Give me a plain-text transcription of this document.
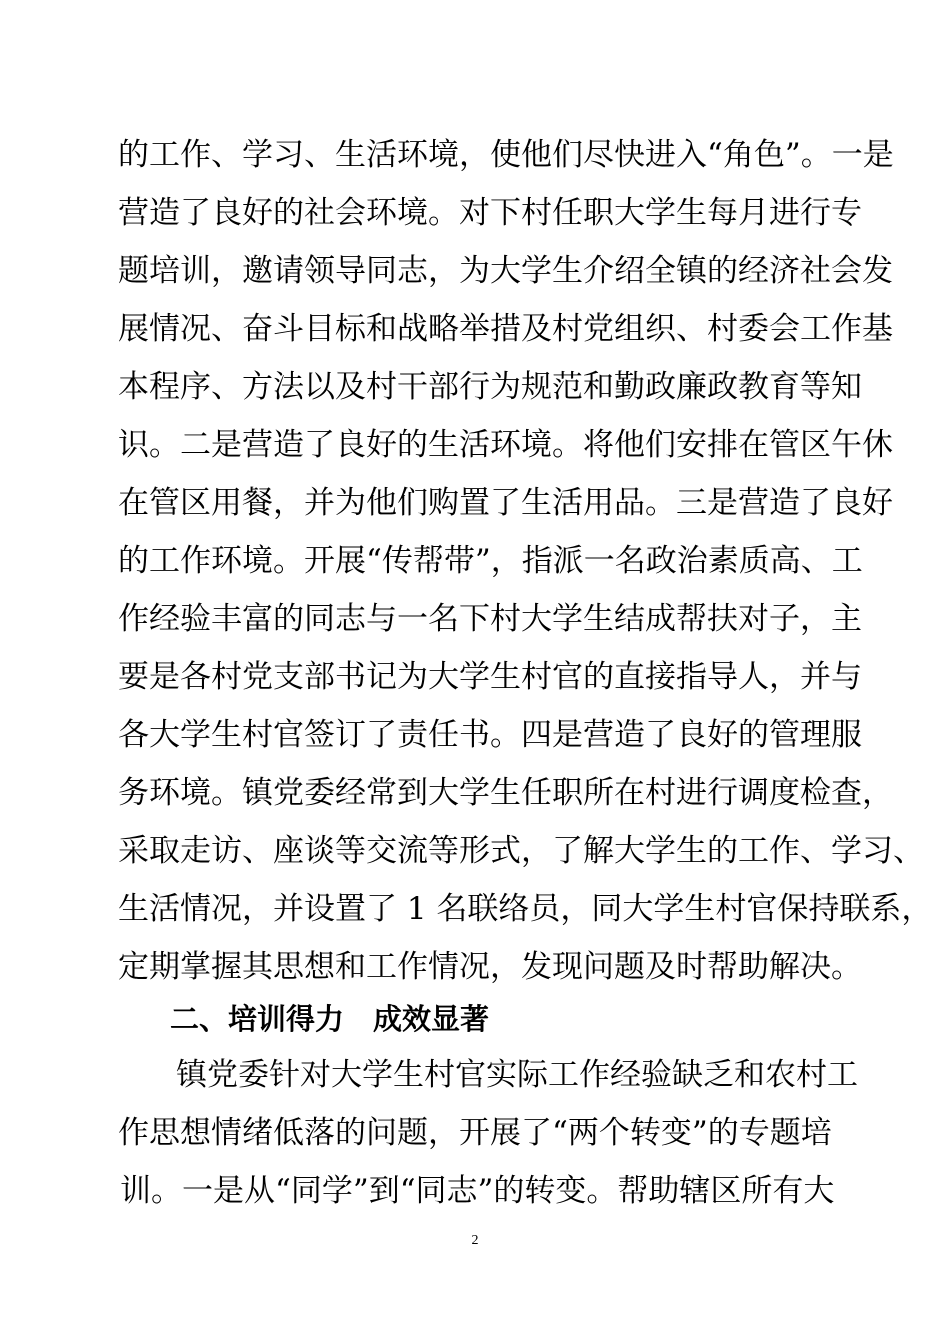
的工作、学习、生活环境，使他们尽快进入“角色”。一是
营造了良好的社会环境。对下村任职大学生每月进行专
题培训，邀请领导同志，为大学生介绍全镇的经济社会发
展情况、奋斗目标和战略举措及村党组织、村委会工作基
本程序、方法以及村干部行为规范和勤政廉政教育等知
识。二是营造了良好的生活环境。将他们安排在管区午休
在管区用餐，并为他们购置了生活用品。三是营造了良好
的工作环境。开展“传帮带”，指派一名政治素质高、工
作经验丰富的同志与一名下村大学生结成帮扶对子，主
要是各村党支部书记为大学生村官的直接指导人，并与
各大学生村官签订了责任书。四是营造了良好的管理服
务环境。镇党委经常到大学生任职所在村进行调度检查，
采取走访、座谈等交流等形式，了解大学生的工作、学习、
生活情况，并设置了 1 名联络员，同大学生村官保持联系，
定期掌握其思想和工作情况，发现问题及时帮助解决。
二、培训得力　成效显著
镇党委针对大学生村官实际工作经验缺乏和农村工
作思想情绪低落的问题，开展了“两个转变”的专题培
训。一是从“同学”到“同志”的转变。帮助辖区所有大
2
